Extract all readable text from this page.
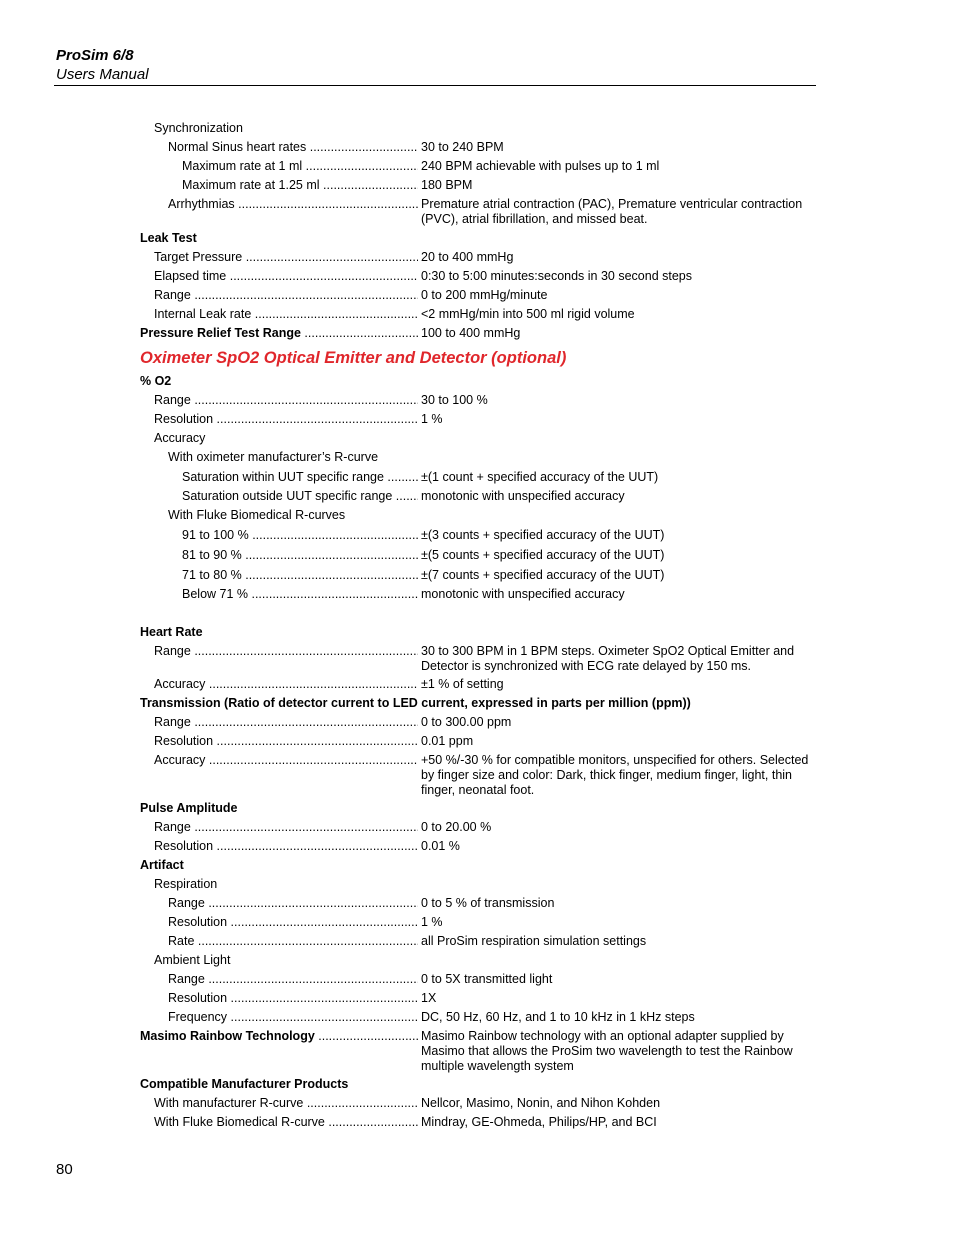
ProSim 6/8
Users Manual
Synchronization
Normal Sinus heart rates .....	30 to 240 BPM
Maximum rate at 1 ml .....	240 BPM achievable with pulses up to 1 ml
Maximum rate at 1.25 ml .....	180 BPM
Arrhythmias .....	Premature atrial contraction (PAC), Premature ventricular contraction (PVC), atrial fibrillation, and missed beat.
Leak Test
Target Pressure .....	20 to 400 mmHg
Elapsed time .....	0:30 to 5:00 minutes:seconds in 30 second steps
Range .....	0 to 200 mmHg/minute
Internal Leak rate .....	<2 mmHg/min into 500 ml rigid volume
Pressure Relief Test Range .....	100 to 400 mmHg
Oximeter SpO2 Optical Emitter and Detector (optional)
% O2
Range .....	30 to 100 %
Resolution .....	1 %
Accuracy
With oximeter manufacturer’s R-curve
Saturation within UUT specific range .....	±(1 count + specified accuracy of the UUT)
Saturation outside UUT specific range .....	monotonic with unspecified accuracy
With Fluke Biomedical R-curves
91 to 100 % .....	±(3 counts + specified accuracy of the UUT)
81 to 90 % .....	±(5 counts + specified accuracy of the UUT)
71 to 80 % .....	±(7 counts + specified accuracy of the UUT)
Below 71 % .....	monotonic with unspecified accuracy
Heart Rate
Range .....	30 to 300 BPM in 1 BPM steps. Oximeter SpO2 Optical Emitter and Detector is synchronized with ECG rate delayed by 150 ms.
Accuracy .....	±1 % of setting
Transmission (Ratio of detector current to LED current, expressed in parts per million (ppm))
Range .....	0 to 300.00 ppm
Resolution .....	0.01 ppm
Accuracy .....	+50 %/-30 % for compatible monitors, unspecified for others. Selected by finger size and color: Dark, thick finger, medium finger, light, thin finger, neonatal foot.
Pulse Amplitude
Range .....	0 to 20.00 %
Resolution .....	0.01 %
Artifact
Respiration
Range .....	0 to 5 % of transmission
Resolution .....	1 %
Rate .....	all ProSim respiration simulation settings
Ambient Light
Range .....	0 to 5X transmitted light
Resolution .....	1X
Frequency .....	DC, 50 Hz, 60 Hz, and 1 to 10 kHz in 1 kHz steps
Masimo Rainbow Technology .....	Masimo Rainbow technology with an optional adapter supplied by Masimo that allows the ProSim two wavelength to test the Rainbow multiple wavelength system
Compatible Manufacturer Products
With manufacturer R-curve .....	Nellcor, Masimo, Nonin, and Nihon Kohden
With Fluke Biomedical R-curve .....	Mindray, GE-Ohmeda, Philips/HP, and BCI
80
